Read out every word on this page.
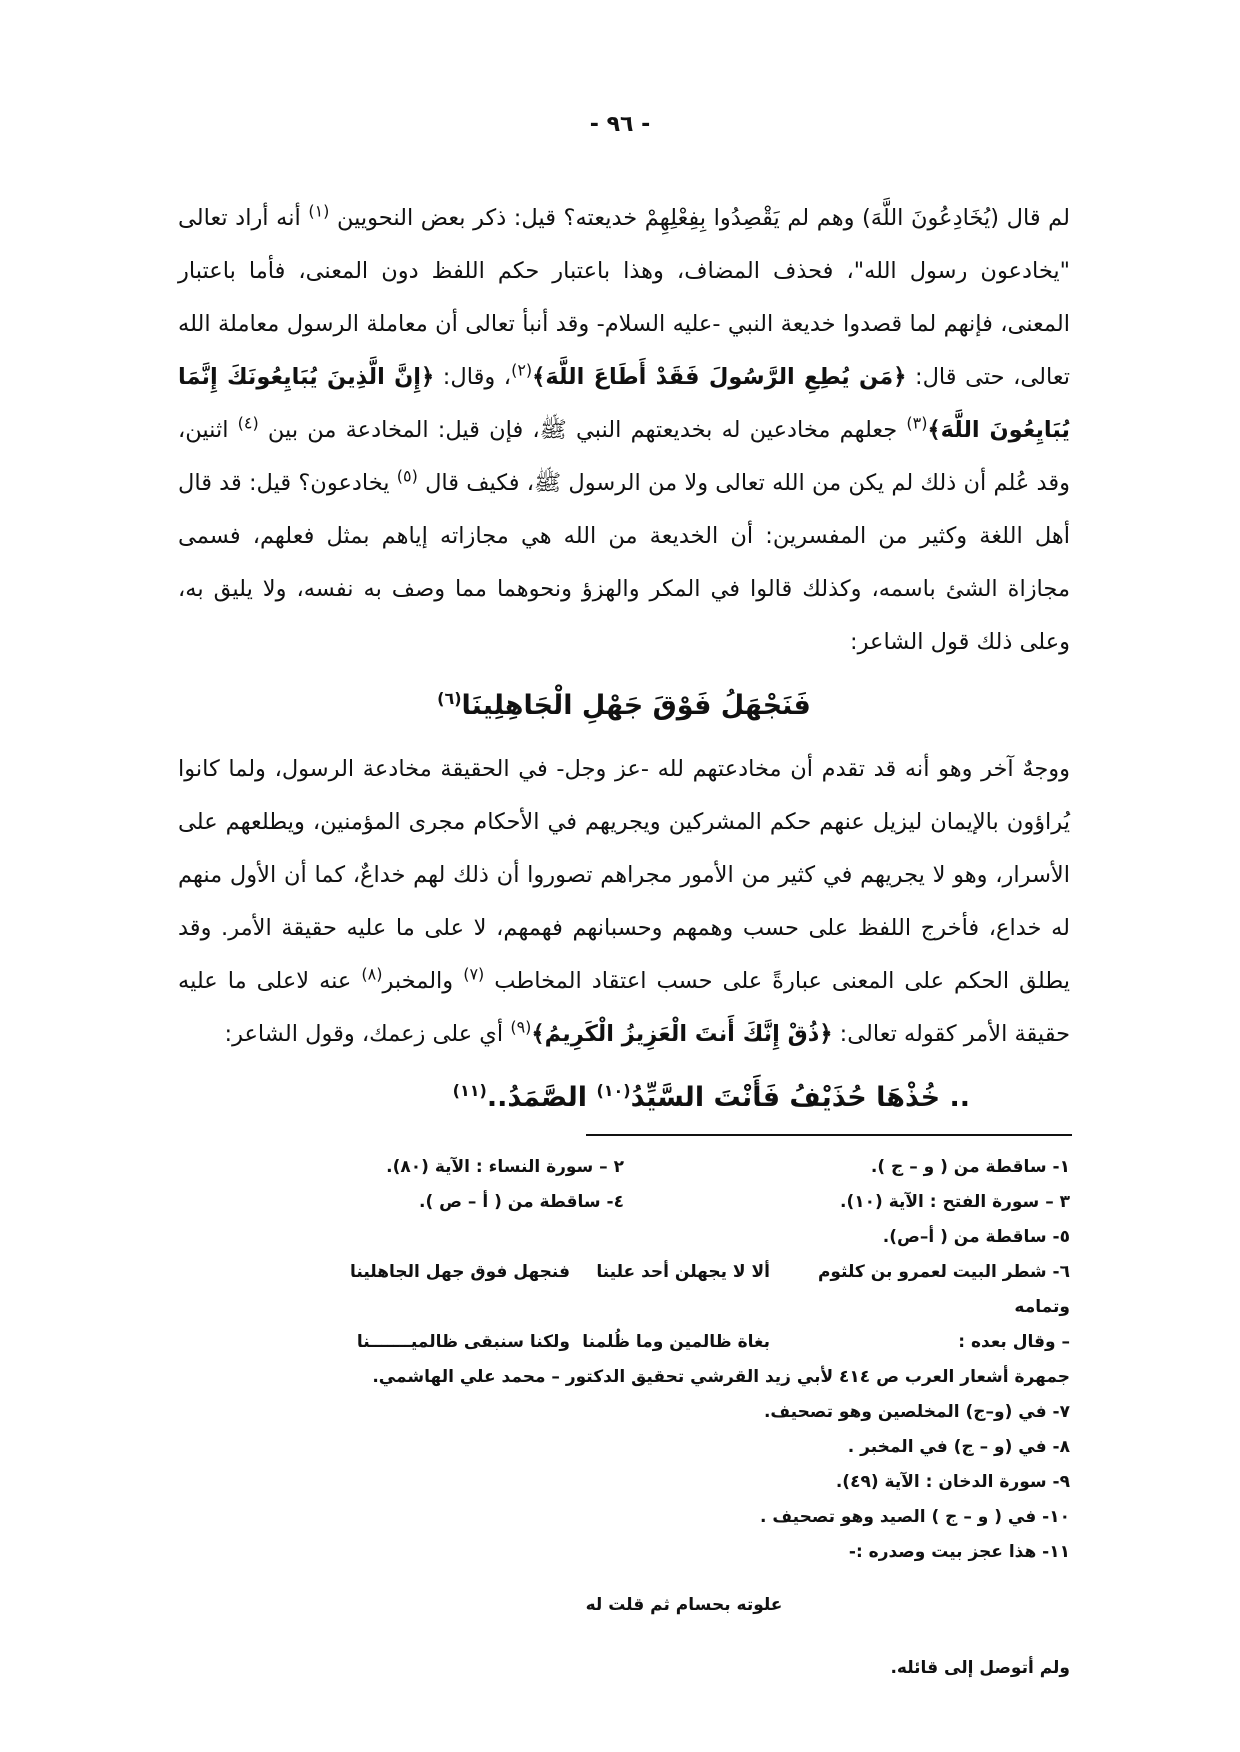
- ٩٦ -

لم قال (يُخَادِعُونَ اللَّهَ) وهم لم يَقْصِدُوا بِفِعْلِهِمْ خديعته؟ قيل: ذكر بعض النحويين $^{(١)}$ أنه أراد تعالى "يخادعون رسول الله"، فحذف المضاف، وهذا باعتبار حكم اللفظ دون المعنى، فأما باعتبار المعنى، فإنهم لما قصدوا خديعة النبي -عليه السلام- وقد أنبأ تعالى أن معاملة الرسول معاملة الله تعالى، حتى قال: ﴿مَن يُطِعِ الرَّسُولَ فَقَدْ أَطَاعَ اللَّهَ﴾$^{(٢)}$، وقال: ﴿إِنَّ الَّذِينَ يُبَايِعُونَكَ إِنَّمَا يُبَايِعُونَ اللَّهَ﴾$^{(٣)}$ جعلهم مخادعين له بخديعتهم النبي ﷺ، فإن قيل: المخادعة من بين $^{(٤)}$ اثنين، وقد عُلم أن ذلك لم يكن من الله تعالى ولا من الرسول ﷺ، فكيف قال $^{(٥)}$ يخادعون؟ قيل: قد قال أهل اللغة وكثير من المفسرين: أن الخديعة من الله هي مجازاته إياهم بمثل فعلهم، فسمى مجازاة الشئ باسمه، وكذلك قالوا في المكر والهزؤ ونحوهما مما وصف به نفسه، ولا يليق به، وعلى ذلك قول الشاعر:

فَنَجْهَلُ فَوْقَ جَهْلِ الْجَاهِلِينَا$^{(٦)}$

ووجهٌ آخر وهو أنه قد تقدم أن مخادعتهم لله -عز وجل- في الحقيقة مخادعة الرسول، ولما كانوا يُراؤون بالإيمان ليزيل عنهم حكم المشركين ويجريهم في الأحكام مجرى المؤمنين، ويطلعهم على الأسرار، وهو لا يجريهم في كثير من الأمور مجراهم تصوروا أن ذلك لهم خداعٌ، كما أن الأول منهم له خداع، فأخرج اللفظ على حسب وهمهم وحسبانهم فهمهم، لا على ما عليه حقيقة الأمر. وقد يطلق الحكم على المعنى عبارةً على حسب اعتقاد المخاطب $^{(٧)}$ والمخبر$^{(٨)}$ عنه لاعلى ما عليه حقيقة الأمر كقوله تعالى: ﴿ذُقْ إِنَّكَ أَنتَ الْعَزِيزُ الْكَرِيمُ﴾$^{(٩)}$ أي على زعمك، وقول الشاعر:

.. خُذْهَا حُذَيْفُ فَأَنْتَ السَّيِّدُ$^{(١٠)}$ الصَّمَدُ..$^{(١١)}$
١- ساقطة من ( و – ج ).
٢ – سورة النساء : الآية (٨٠).
٣ – سورة الفتح : الآية (١٠).
٤- ساقطة من ( أ – ص ).
٥- ساقطة من ( أ–ص).
٦- شطر البيت لعمرو بن كلثوم وتمامه
ألا لا يجهلن أحد علينا
فنجهل فوق جهل الجاهلينا
– وقال بعده :
بغاة ظالمين وما ظُلمنا
ولكنا سنبقى ظالميـــــــنا
جمهرة أشعار العرب ص ٤١٤ لأبي زيد القرشي تحقيق الدكتور – محمد علي الهاشمي.
٧- في (و–ج) المخلصين وهو تصحيف.
٨- في (و – ج) في المخبر .
٩- سورة الدخان : الآية (٤٩).
١٠- في ( و – ج ) الصيد وهو تصحيف .
١١- هذا عجز بيت وصدره :-
علوته بحسام ثم قلت له
ولم أتوصل إلى قائله.
